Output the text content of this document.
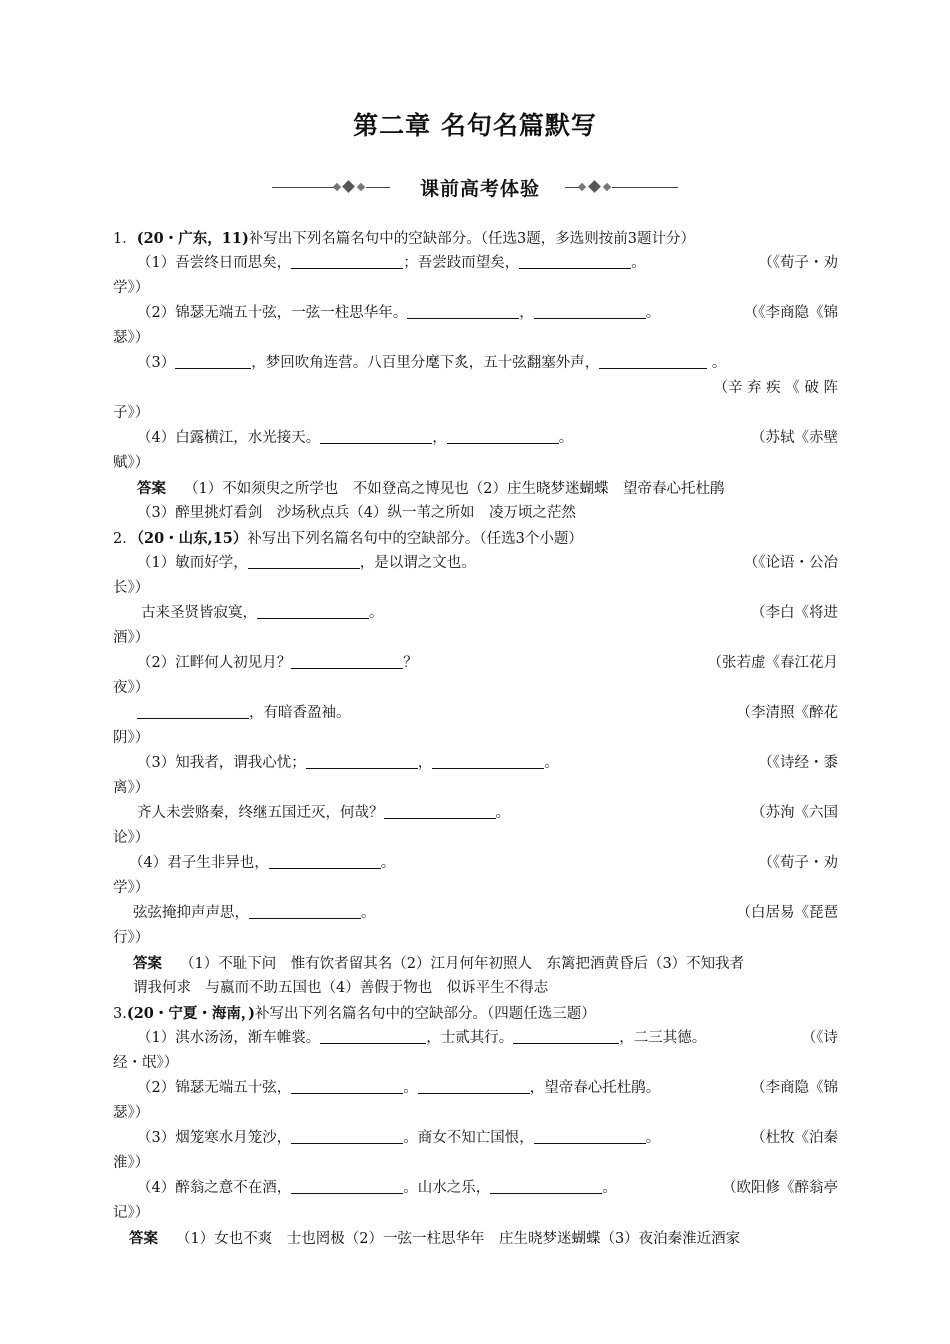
第二章 名句名篇默写
课前高考体验
1．(20・广东，11)补写出下列名篇名句中的空缺部分。（任选3题，多选则按前3题计分）
（1）吾尝终日而思矣，	；吾尝跂而望矣，	。	（《荀子・劝
学》）
（2）锦瑟无端五十弦，一弦一柱思华年。	，	。	（《李商隐《锦
瑟》）
（3）	，梦回吹角连营。八百里分麾下炙，五十弦翻塞外声，	。
（辛 弃 疾 《 破 阵
子》）
（4）白露横江，水光接天。	，	。	（苏轼《赤壁
赋》）
答案 （1）不如须臾之所学也　不如登高之博见也（2）庄生晓梦迷蝴蝶　望帝春心托杜鹃
（3）醉里挑灯看剑　沙场秋点兵（4）纵一苇之所如　凌万顷之茫然
2．（20・山东,15）补写出下列名篇名句中的空缺部分。（任选3个小题）
（1）敏而好学，	，是以谓之文也。	（《论语・公冶
长》）
古来圣贤皆寂寞，	。	（李白《将进
酒》）
（2）江畔何人初见月？	？	（张若虚《春江花月
夜》）
，有暗香盈袖。	（李清照《醉花
阴》）
（3）知我者，谓我心忧；	，	。	（《诗经・黍
离》）
齐人未尝赂秦，终继五国迁灭，何哉？	。	（苏洵《六国
论》）
（4）君子生非异也，	。	（《荀子・劝
学》）
弦弦掩抑声声思，	。	（白居易《琵琶
行》）
答案 （1）不耻下问　惟有饮者留其名（2）江月何年初照人　东篱把酒黄昏后（3）不知我者
谓我何求　与嬴而不助五国也（4）善假于物也　似诉平生不得志
3.(20・宁夏・海南，)补写出下列名篇名句中的空缺部分。（四题任选三题）
（1）淇水汤汤，渐车帷裳。	，士贰其行。	，二三其德。	（《诗
经・氓》）
（2）锦瑟无端五十弦，	。	，望帝春心托杜鹃。	（李商隐《锦
瑟》）
（3）烟笼寒水月笼沙，	。商女不知亡国恨，	。	（杜牧《泊秦
淮》）
（4）醉翁之意不在酒，	。山水之乐，	。	（欧阳修《醉翁亭
记》）
答案 （1）女也不爽　士也罔极（2）一弦一柱思华年　庄生晓梦迷蝴蝶（3）夜泊秦淮近酒家
